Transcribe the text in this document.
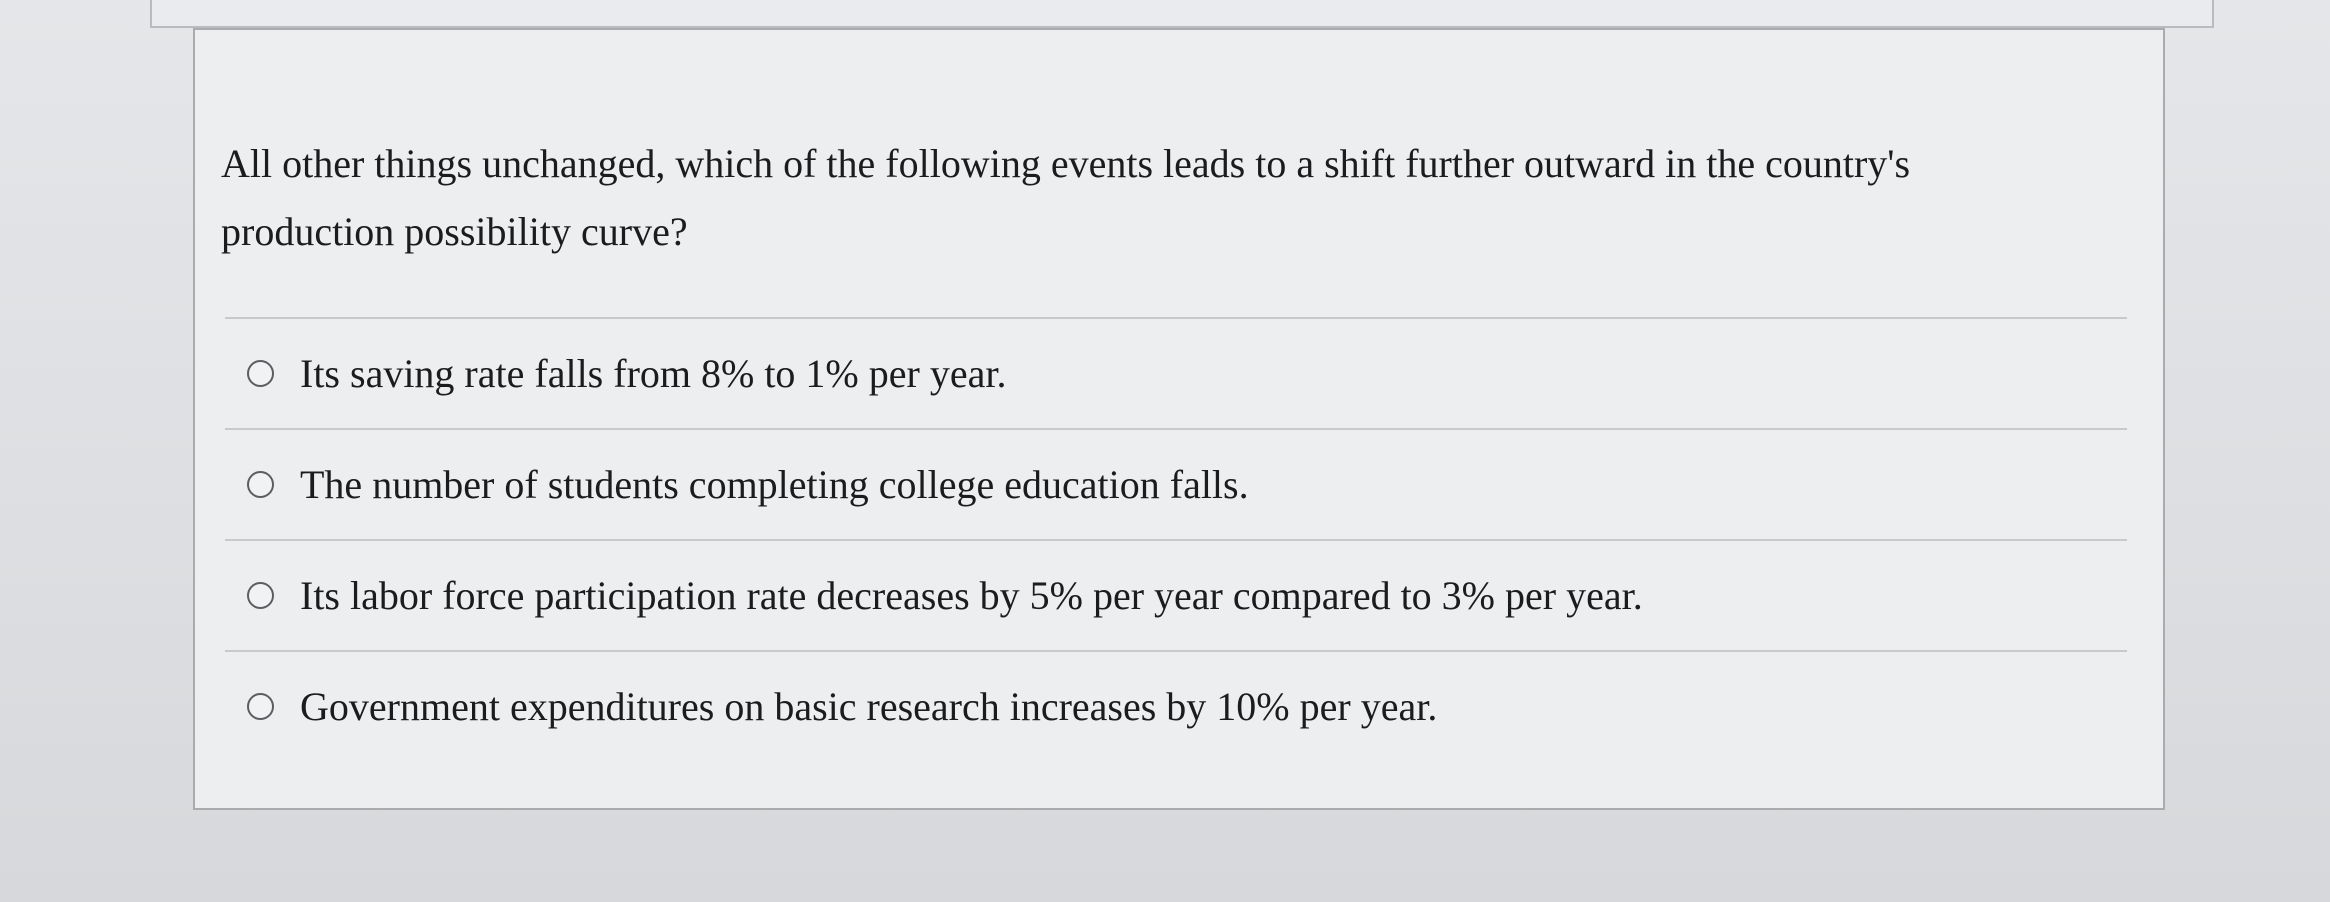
All other things unchanged, which of the following events leads to a shift further outward in the country's production possibility curve?

Its saving rate falls from 8% to 1% per year.
The number of students completing college education falls.
Its labor force participation rate decreases by 5% per year compared to 3% per year.
Government expenditures on basic research increases by 10% per year.
